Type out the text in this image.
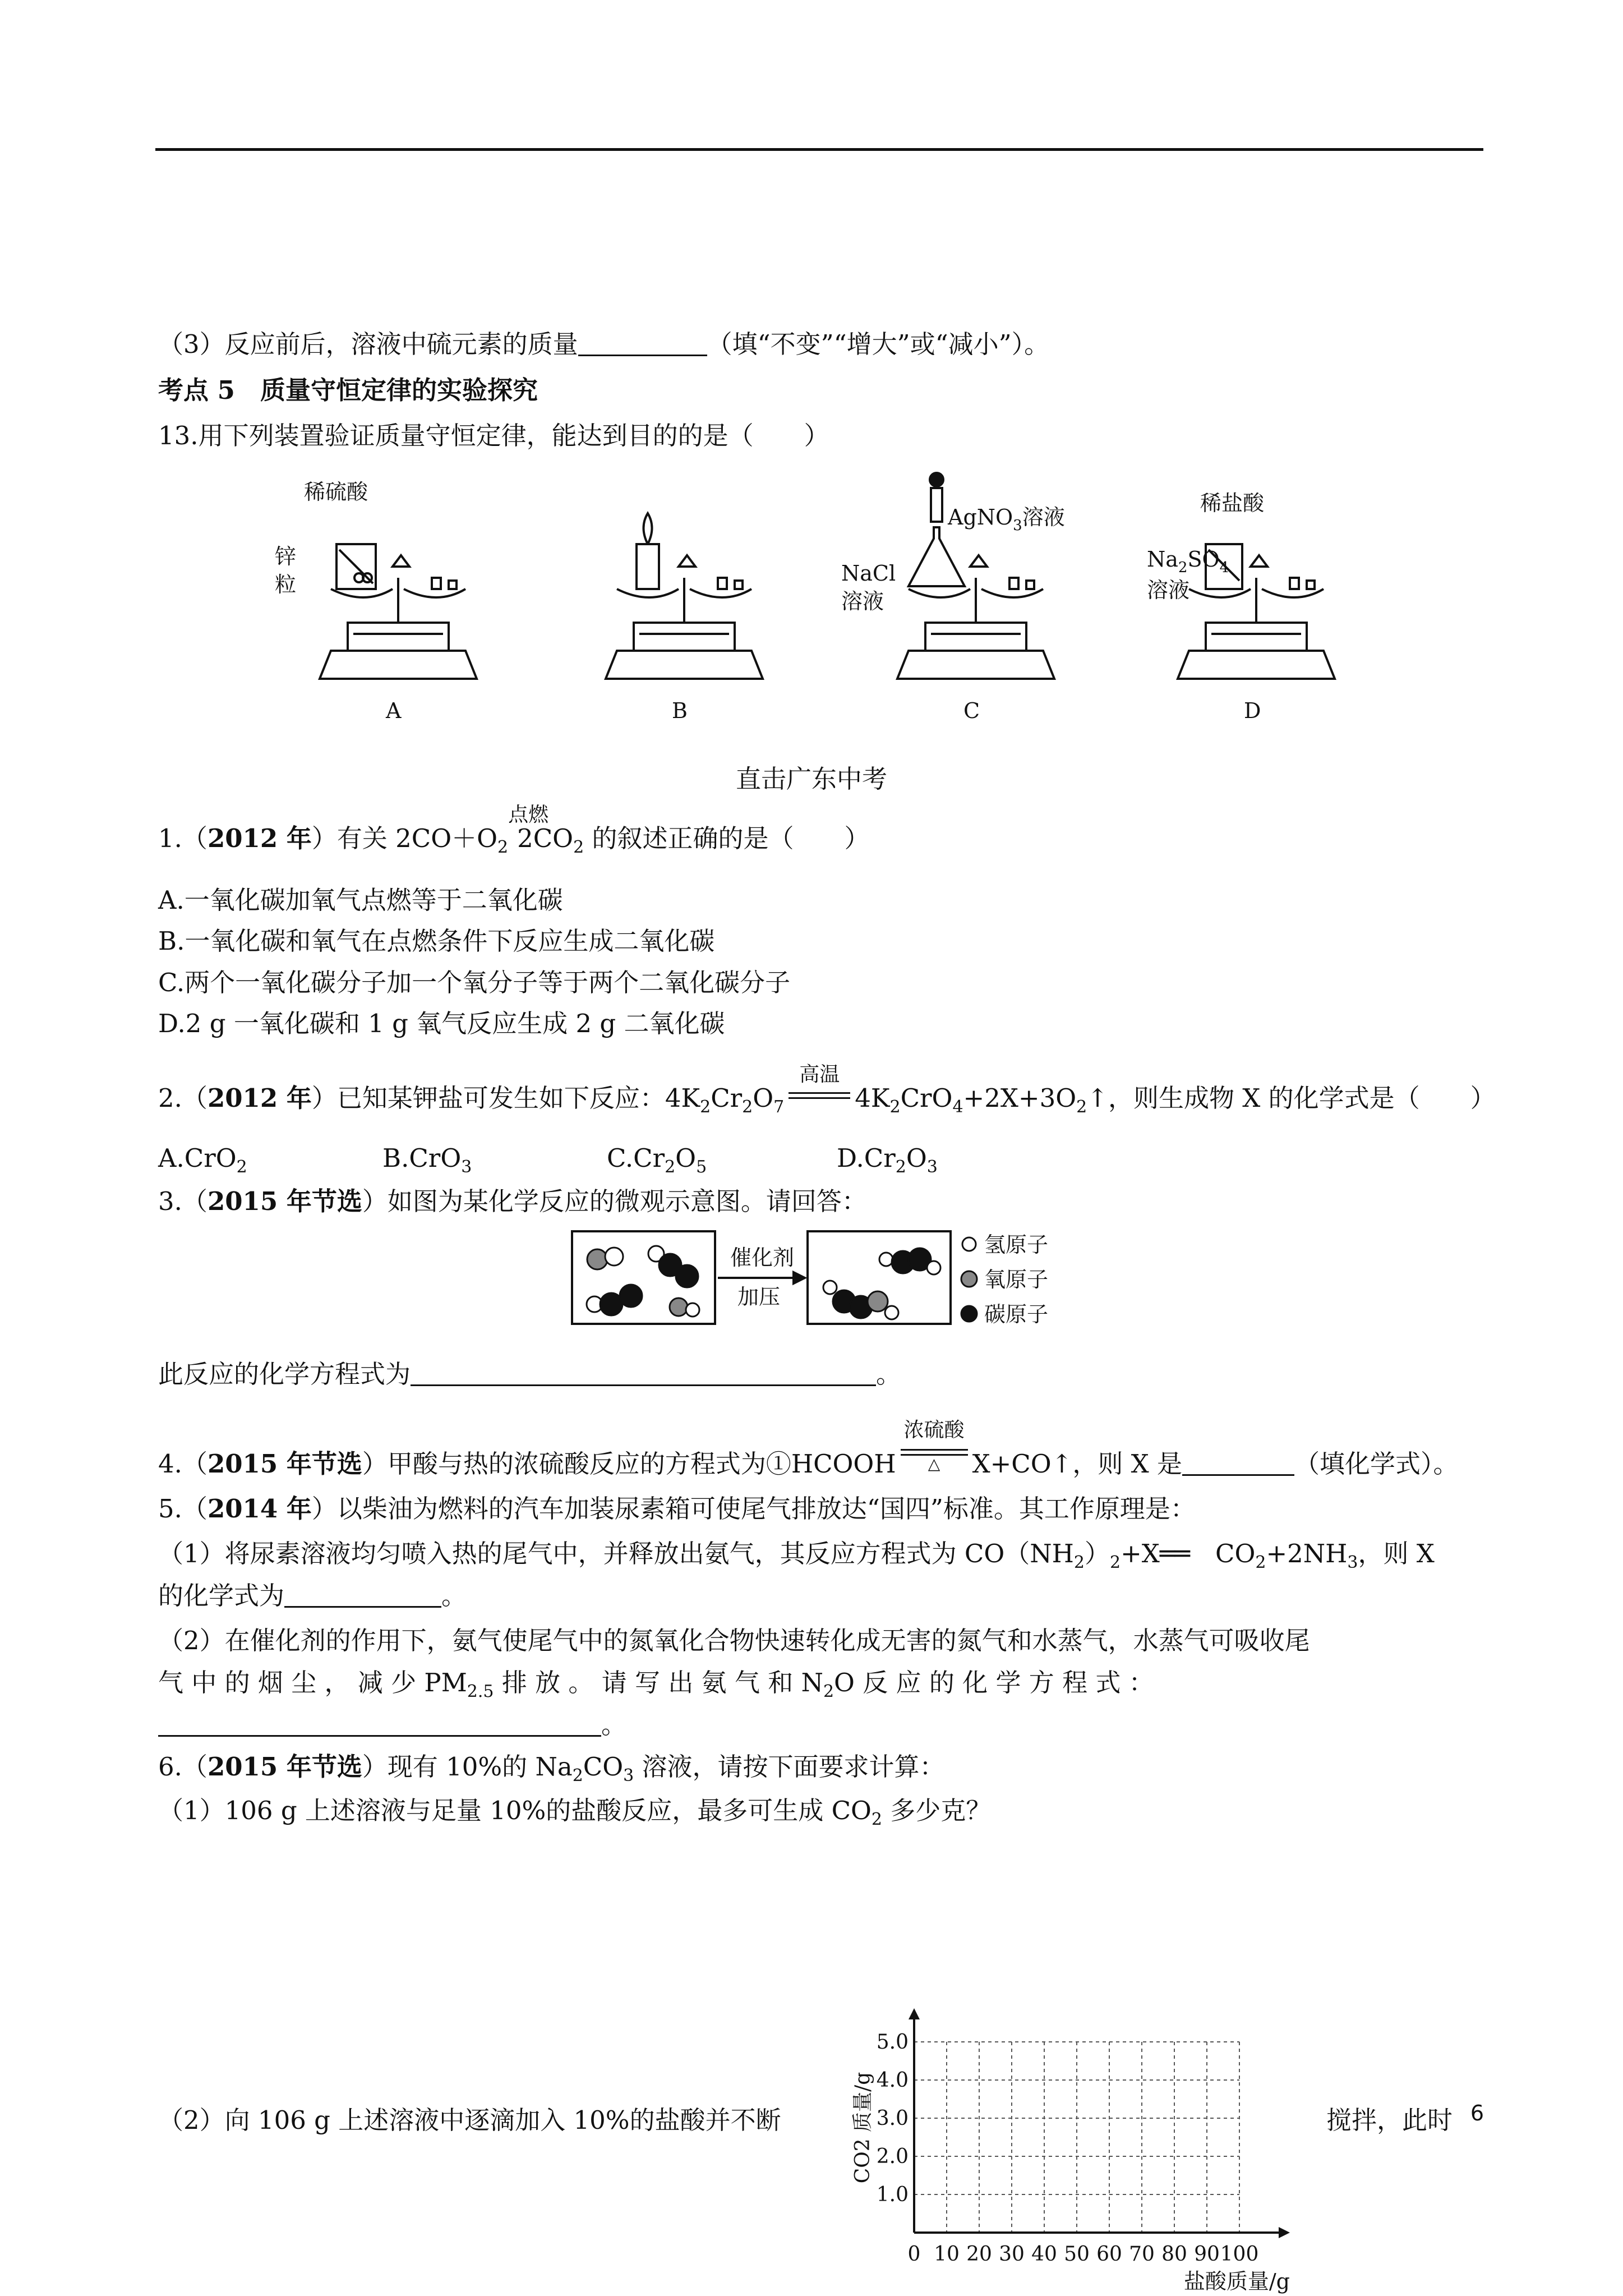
（3）反应前后，溶液中硫元素的质量	（填“不变”“增大”或“减小”）。
考点 5　质量守恒定律的实验探究
13.用下列装置验证质量守恒定律，能达到目的的是（　　）
稀硫酸
锌
粒
A	B
AgNO$_3$溶液
NaCl
溶液
C
稀盐酸
$Na_2SO_4$
溶液
D
直击广东中考
1.（2012 年）有关 $2CO+O_2$
点燃
$2CO_2$ 的叙述正确的是（　　）
A.一氧化碳加氧气点燃等于二氧化碳
B.一氧化碳和氧气在点燃条件下反应生成二氧化碳
C.两个一氧化碳分子加一个氧分子等于两个二氧化碳分子
D.2 g 一氧化碳和 1 g 氧气反应生成 2 g 二氧化碳
2.（2012 年）已知某钾盐可发生如下反应：$4K_2Cr_2O_7$
高温
$4K_2CrO_4+2X+3O_2↑$，则生成物 X 的化学式是（　　）
A.CrO$_2$	B.CrO$_3$	$C.Cr_2O_5$	$D.Cr_2O_3$
3.（2015 年节选）如图为某化学反应的微观示意图。请回答：
催化剂
加压
氢原子
氧原子
碳原子
此反应的化学方程式为	。
4.（2015 年节选）甲酸与热的浓硫酸反应的方程式为①HCOOH
浓硫酸
△	X+CO↑，则 X 是	（填化学式）。
5.（2014 年）以柴油为燃料的汽车加装尿素箱可使尾气排放达“国四”标准。其工作原理是：
（1）将尿素溶液均匀喷入热的尾气中，并释放出氨气，其反应方程式为 $CO(NH_2)_2+X══$　$CO_2+2NH_3$，则 X
的化学式为	。
（2）在催化剂的作用下，氨气使尾气中的氮氧化合物快速转化成无害的氮气和水蒸气，水蒸气可吸收尾
气 中 的 烟 尘 ， 减 少 $PM_{2.5}$ 排 放 。 请 写 出 氨 气 和 $N_2O$ 反 应 的 化 学 方 程 式 ：
。
6.（2015 年节选）现有 10%的 $Na_2CO_3$ 溶液，请按下面要求计算：
（1）106 g 上述溶液与足量 10%的盐酸反应，最多可生成 $CO_2$ 多少克？
（2）向 106 g 上述溶液中逐滴加入 10%的盐酸并不断	搅拌，此时
0 10 20 30 40 50 60 70 80 90 100
1.0
2.0
3.0
4.0
5.0
盐酸质量/g
CO2 质量/g	6
